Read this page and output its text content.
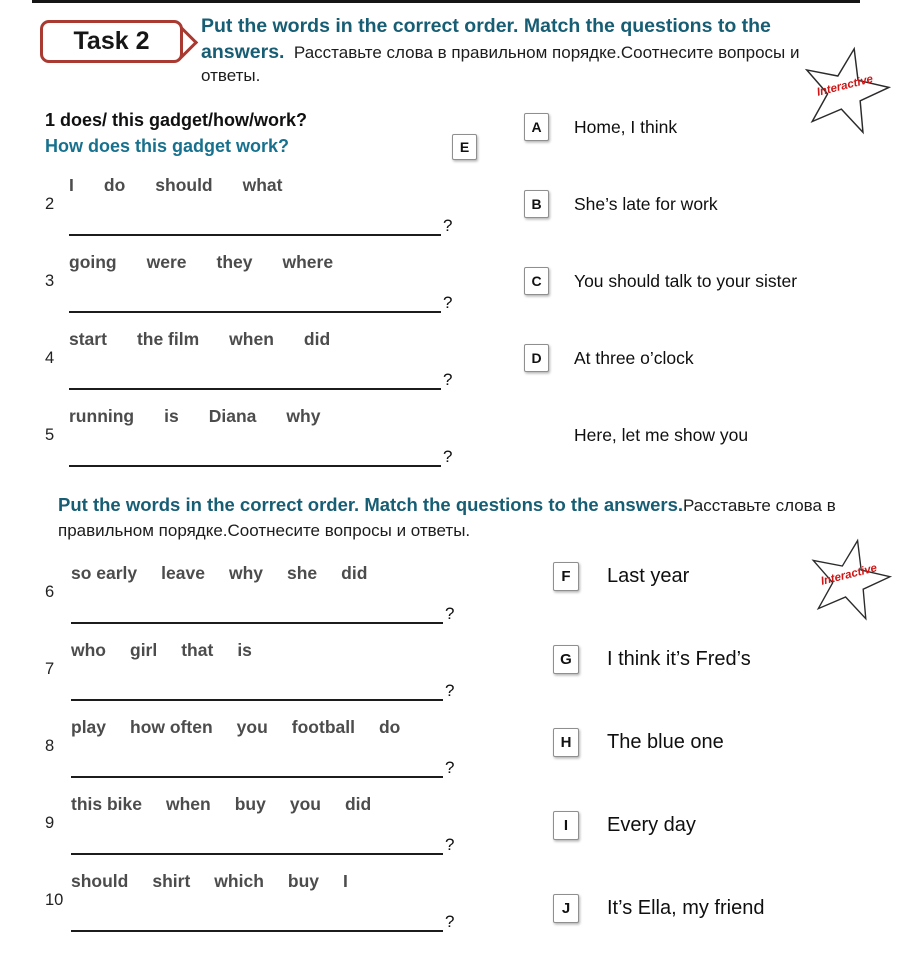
Task 2

Put the words in the correct order. Match the questions to the answers. Расставьте слова в правильном порядке.Соотнесите вопросы и ответы.	Interactive
1 does/ this gadget/how/work?
How does this gadget work?	E
2
I do should what
?
3
going were they where
?
4
start the film when did
?
5
running is Diana why
?
A	Home, I think
B	She’s late for work
C	You should talk to your sister
D	At three o’clock
Here, let me show you

Put the words in the correct order. Match the questions to the answers.Расставьте слова в правильном порядке.Соотнесите вопросы и ответы.

Interactive
6
so early leave why she did
?
7
who girl that is
?
8
play how often you football do
?
9
this bike when buy you did
?
10
should shirt which buy I
?
F	Last year
G	I think it’s Fred’s
H	The blue one
I	Every day
J	It’s Ella, my friend
